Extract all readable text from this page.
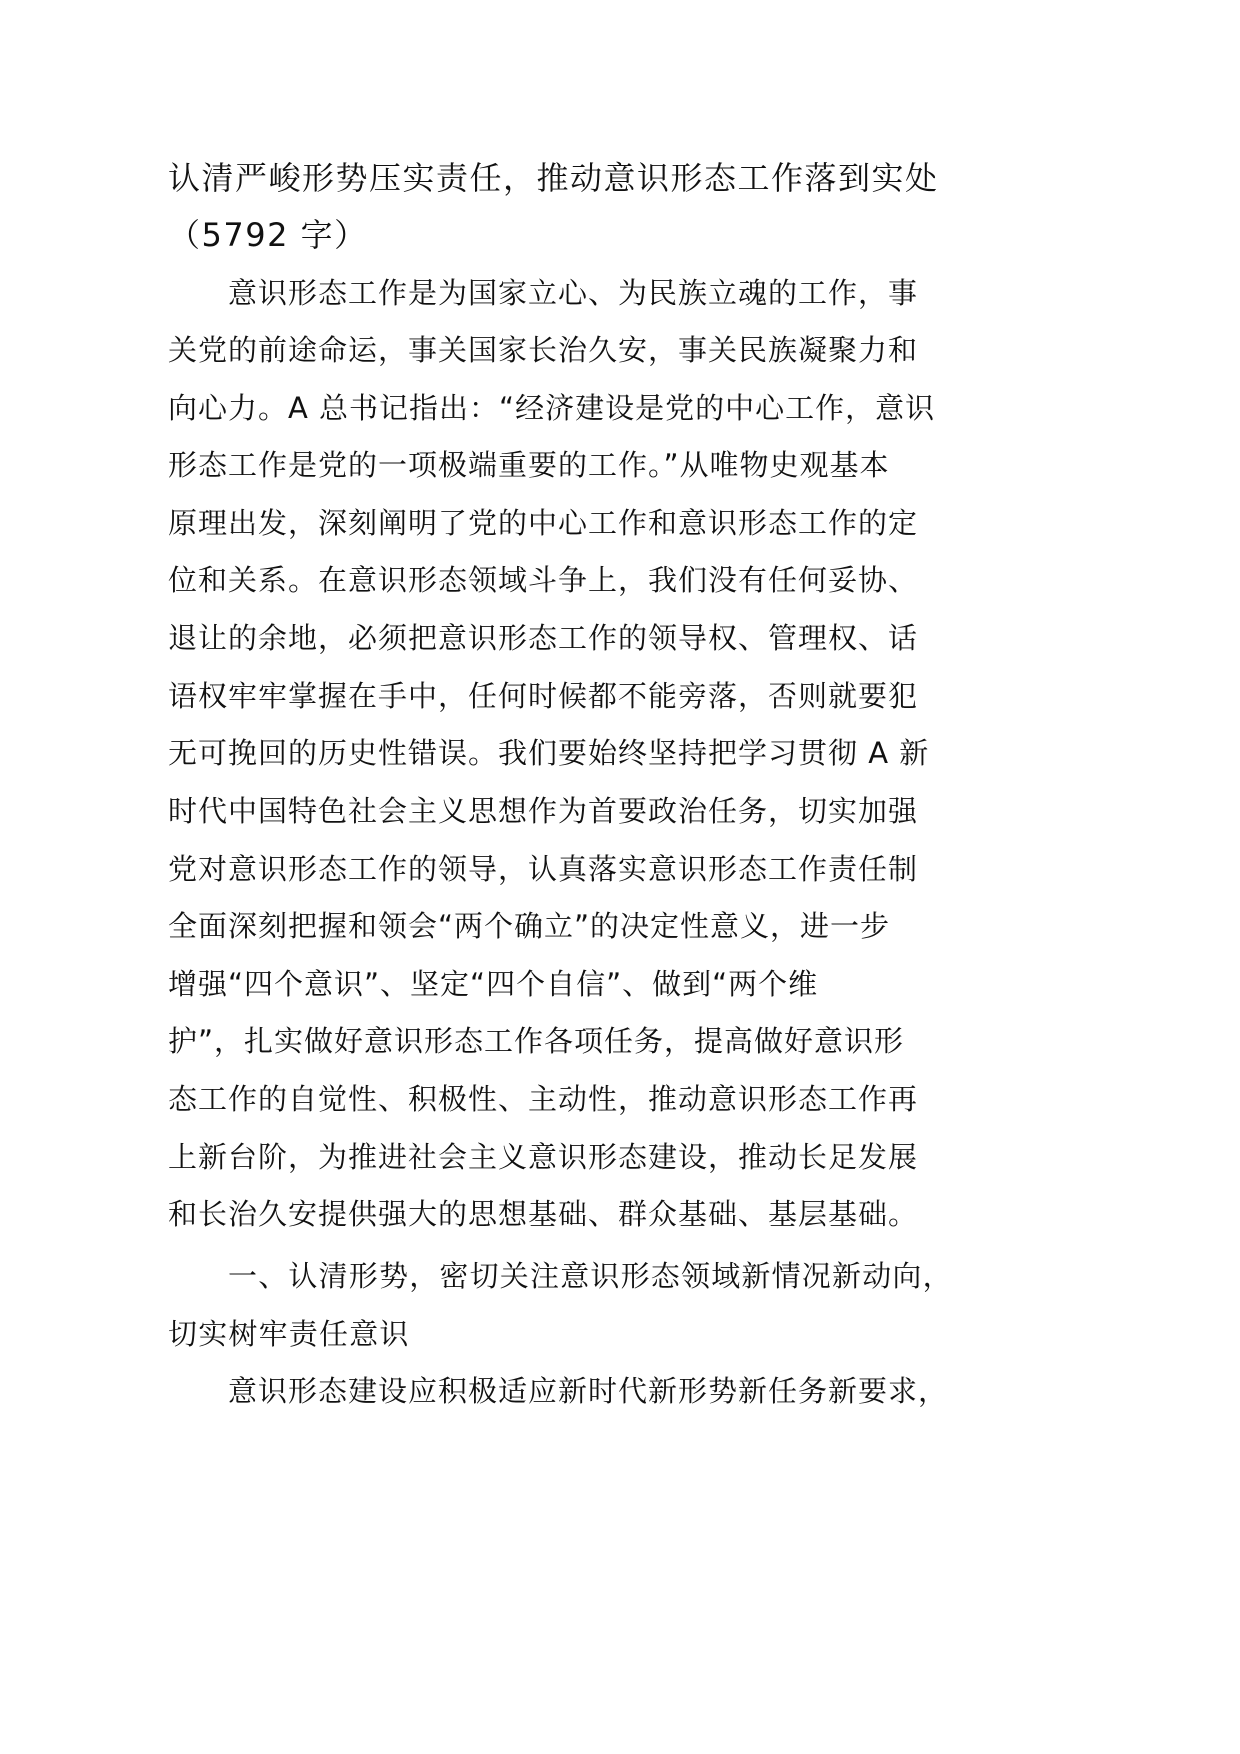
认清严峻形势压实责任，推动意识形态工作落到实处
（5792 字）
意识形态工作是为国家立心、为民族立魂的工作，事
关党的前途命运，事关国家长治久安，事关民族凝聚力和
向心力。A 总书记指出：“经济建设是党的中心工作，意识
形态工作是党的一项极端重要的工作。”从唯物史观基本
原理出发，深刻阐明了党的中心工作和意识形态工作的定
位和关系。在意识形态领域斗争上，我们没有任何妥协、
退让的余地，必须把意识形态工作的领导权、管理权、话
语权牢牢掌握在手中，任何时候都不能旁落，否则就要犯
无可挽回的历史性错误。我们要始终坚持把学习贯彻 A 新
时代中国特色社会主义思想作为首要政治任务，切实加强
党对意识形态工作的领导，认真落实意识形态工作责任制
全面深刻把握和领会“两个确立”的决定性意义，进一步
增强“四个意识”、坚定“四个自信”、做到“两个维
护”，扎实做好意识形态工作各项任务，提高做好意识形
态工作的自觉性、积极性、主动性，推动意识形态工作再
上新台阶，为推进社会主义意识形态建设，推动长足发展
和长治久安提供强大的思想基础、群众基础、基层基础。
一、认清形势，密切关注意识形态领域新情况新动向，
切实树牢责任意识
意识形态建设应积极适应新时代新形势新任务新要求，
